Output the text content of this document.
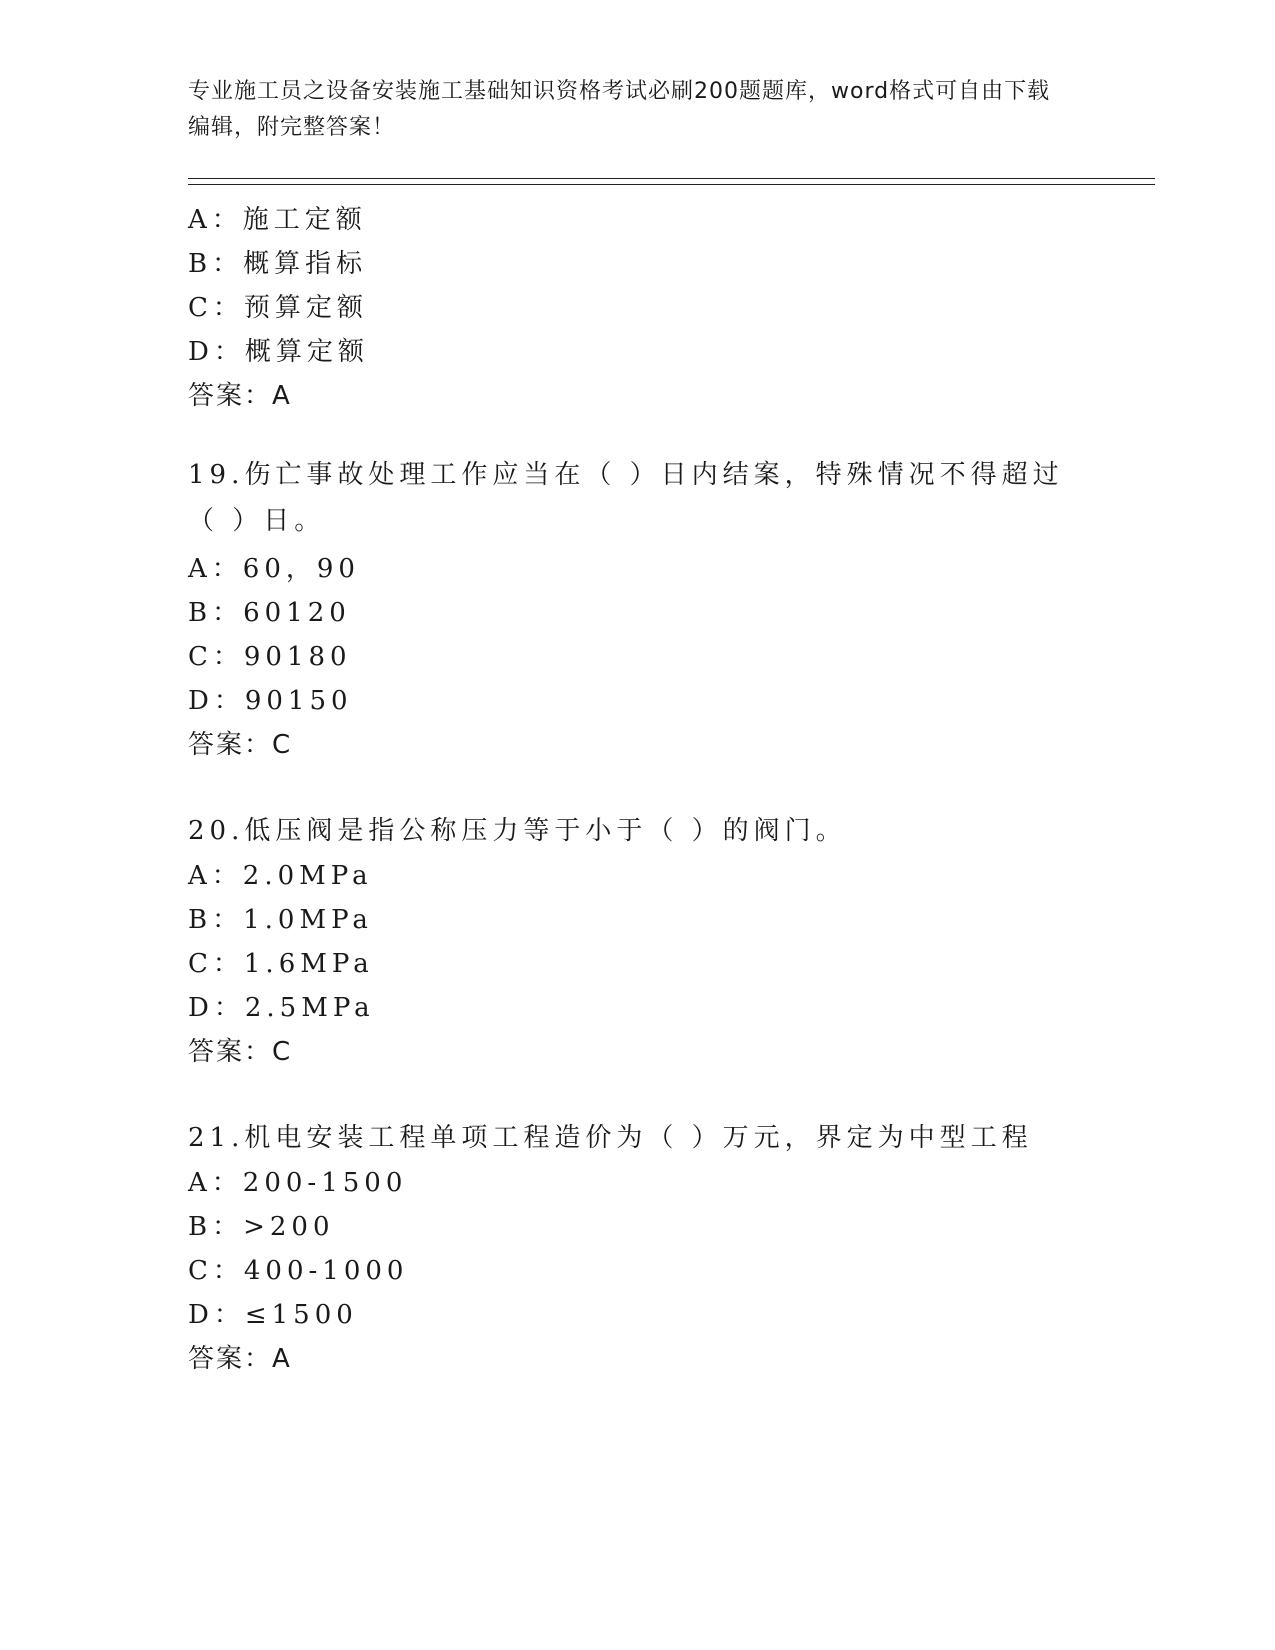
专业施工员之设备安装施工基础知识资格考试必刷200题题库，word格式可自由下载编辑，附完整答案！
A：施工定额
B：概算指标
C：预算定额
D：概算定额
答案：A
19.伤亡事故处理工作应当在（ ）日内结案，特殊情况不得超过（ ）日。
A：60，90
B：60120
C：90180
D：90150
答案：C
20.低压阀是指公称压力等于小于（ ）的阀门。
A：2.0MPa
B：1.0MPa
C：1.6MPa
D：2.5MPa
答案：C
21.机电安装工程单项工程造价为（ ）万元，界定为中型工程
A：200-1500
B：>200
C：400-1000
D：≤1500
答案：A
